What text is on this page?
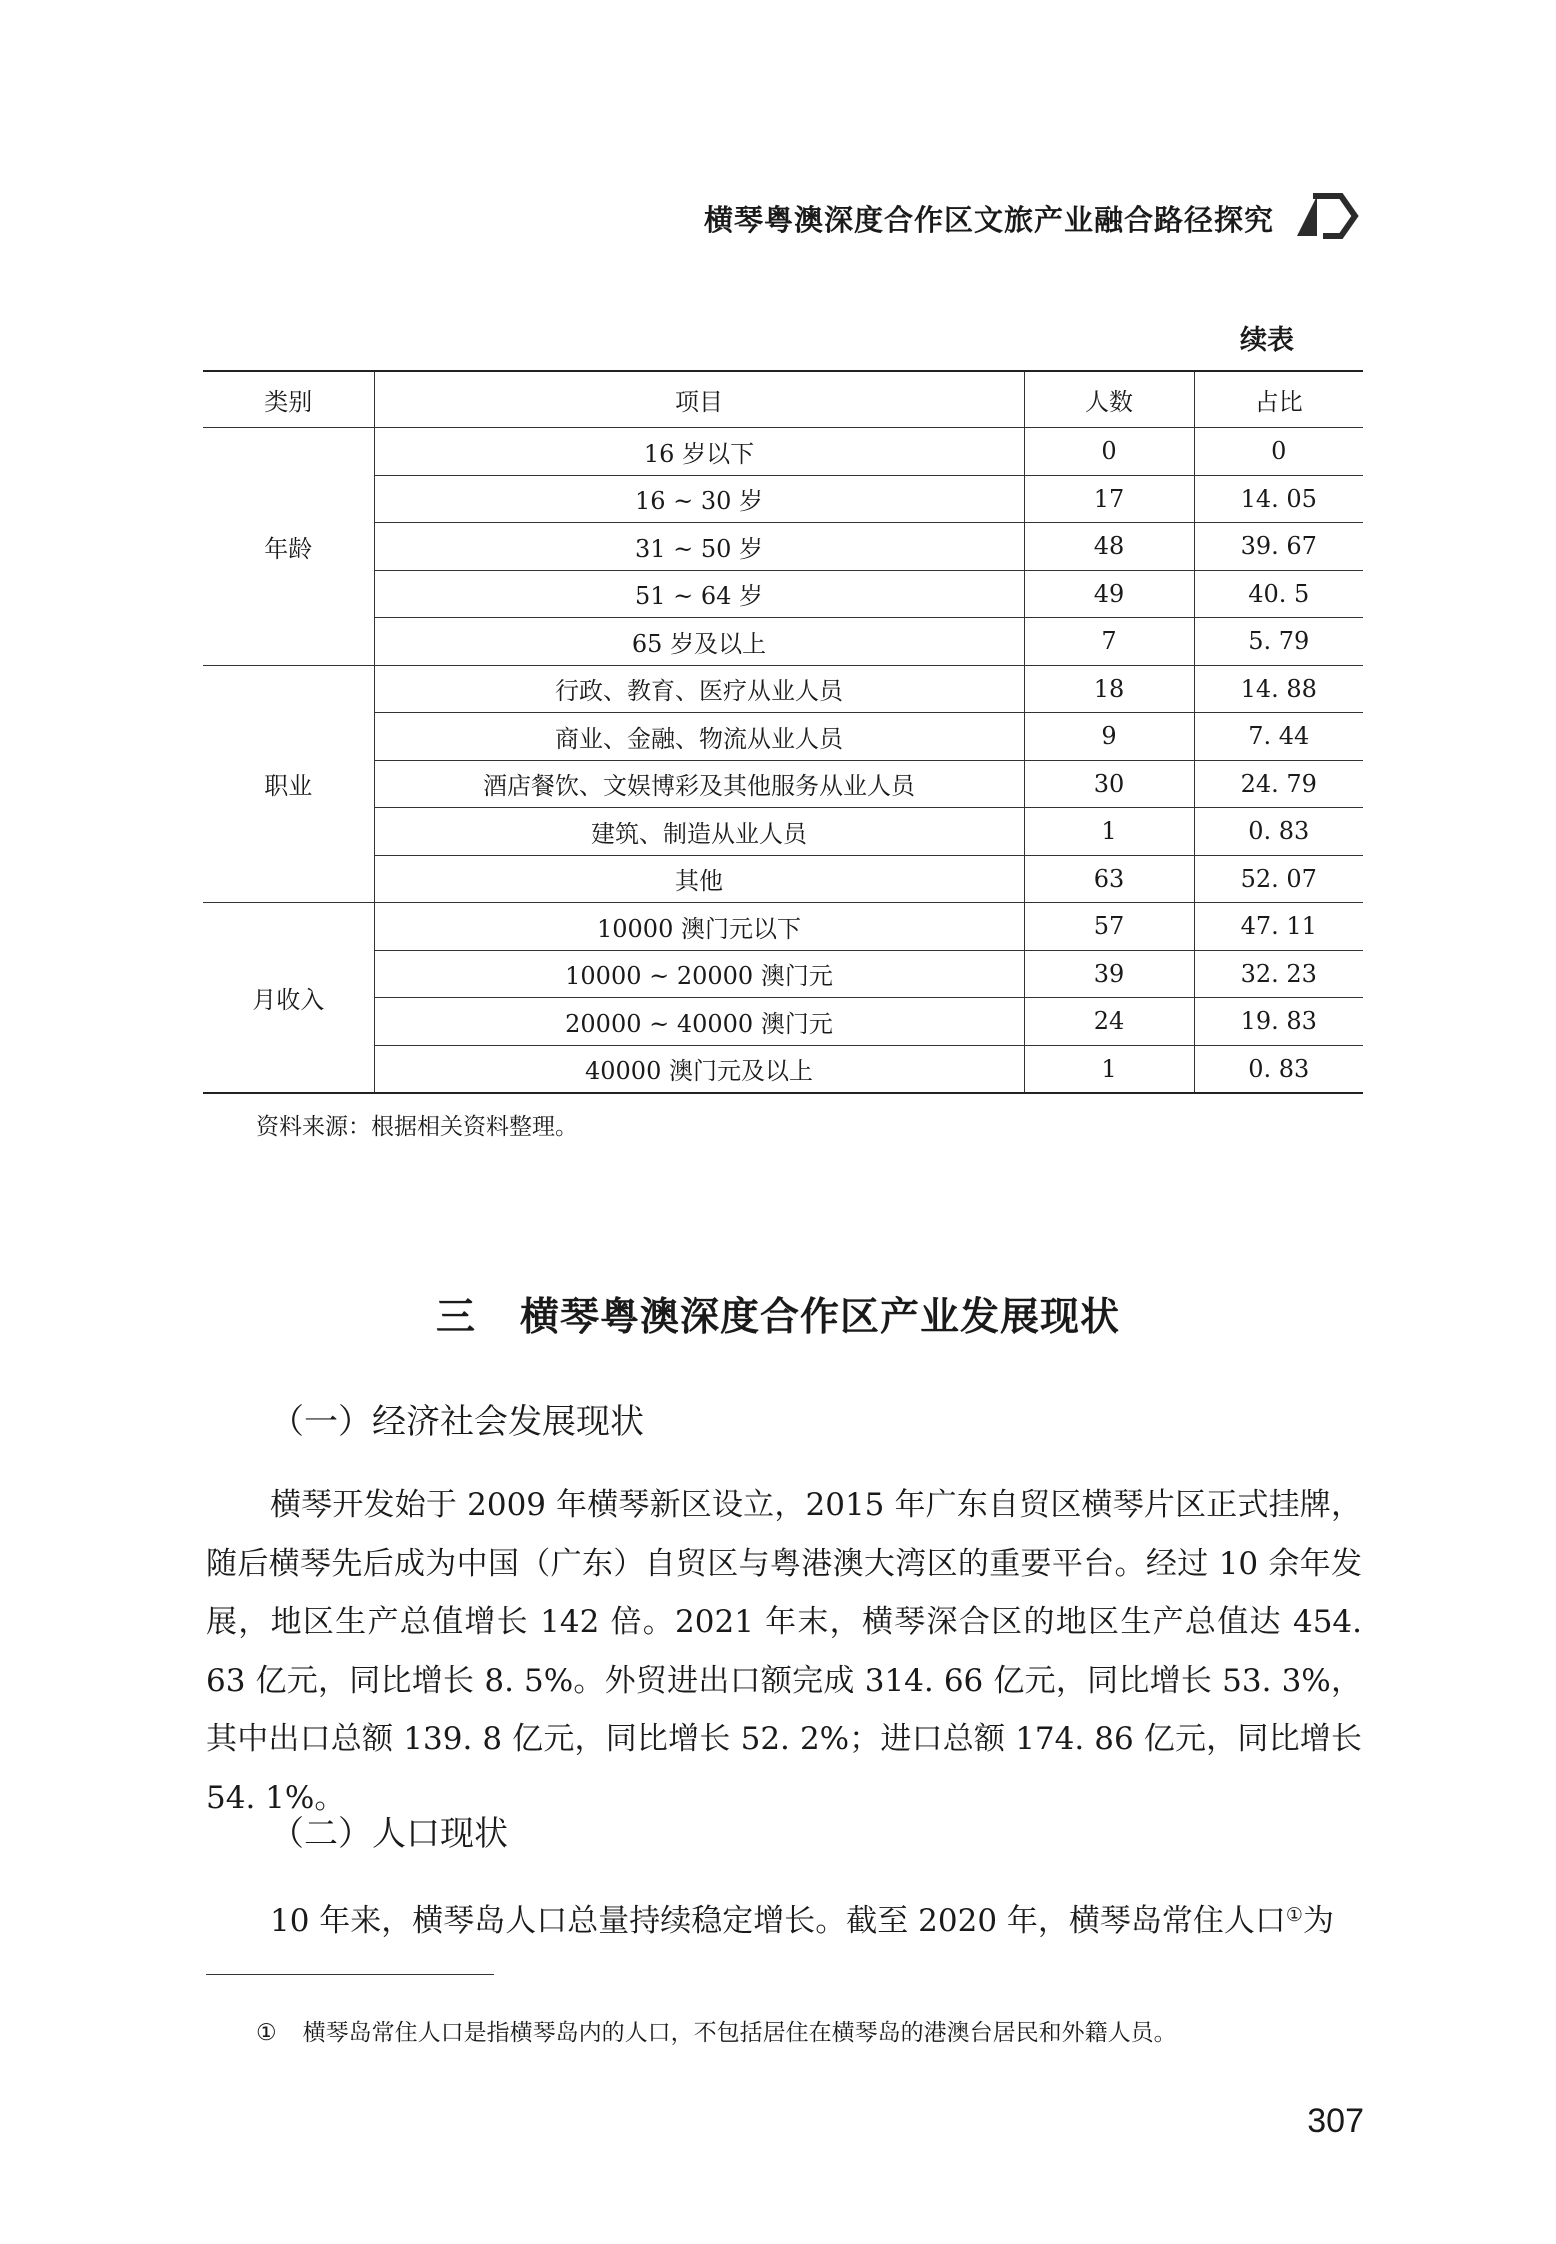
横琴粤澳深度合作区文旅产业融合路径探究
续表
类别	项目	人数	占比
年龄	16 岁以下	0	0
	16 ~ 30 岁	17	14. 05
	31 ~ 50 岁	48	39. 67
	51 ~ 64 岁	49	40. 5
	65 岁及以上	7	5. 79
职业	行政、教育、医疗从业人员	18	14. 88
	商业、金融、物流从业人员	9	7. 44
	酒店餐饮、文娱博彩及其他服务从业人员	30	24. 79
	建筑、制造从业人员	1	0. 83
	其他	63	52. 07
月收入	10000 澳门元以下	57	47. 11
	10000 ~ 20000 澳门元	39	32. 23
	20000 ~ 40000 澳门元	24	19. 83
	40000 澳门元及以上	1	0. 83
资料来源：根据相关资料整理。
三 横琴粤澳深度合作区产业发展现状
（一）经济社会发展现状

横琴开发始于 2009 年横琴新区设立，2015 年广东自贸区横琴片区正式挂牌，随后横琴先后成为中国（广东）自贸区与粤港澳大湾区的重要平台。经过 10 余年发展，地区生产总值增长 142 倍。2021 年末，横琴深合区的地区生产总值达 454. 63 亿元，同比增长 8. 5%。外贸进出口额完成 314. 66 亿元，同比增长 53. 3%，其中出口总额 139. 8 亿元，同比增长 52. 2%；进口总额 174. 86 亿元，同比增长 54. 1%。

（二）人口现状

10 年来，横琴岛人口总量持续稳定增长。截至 2020 年，横琴岛常住人口①为

① 横琴岛常住人口是指横琴岛内的人口，不包括居住在横琴岛的港澳台居民和外籍人员。
307
